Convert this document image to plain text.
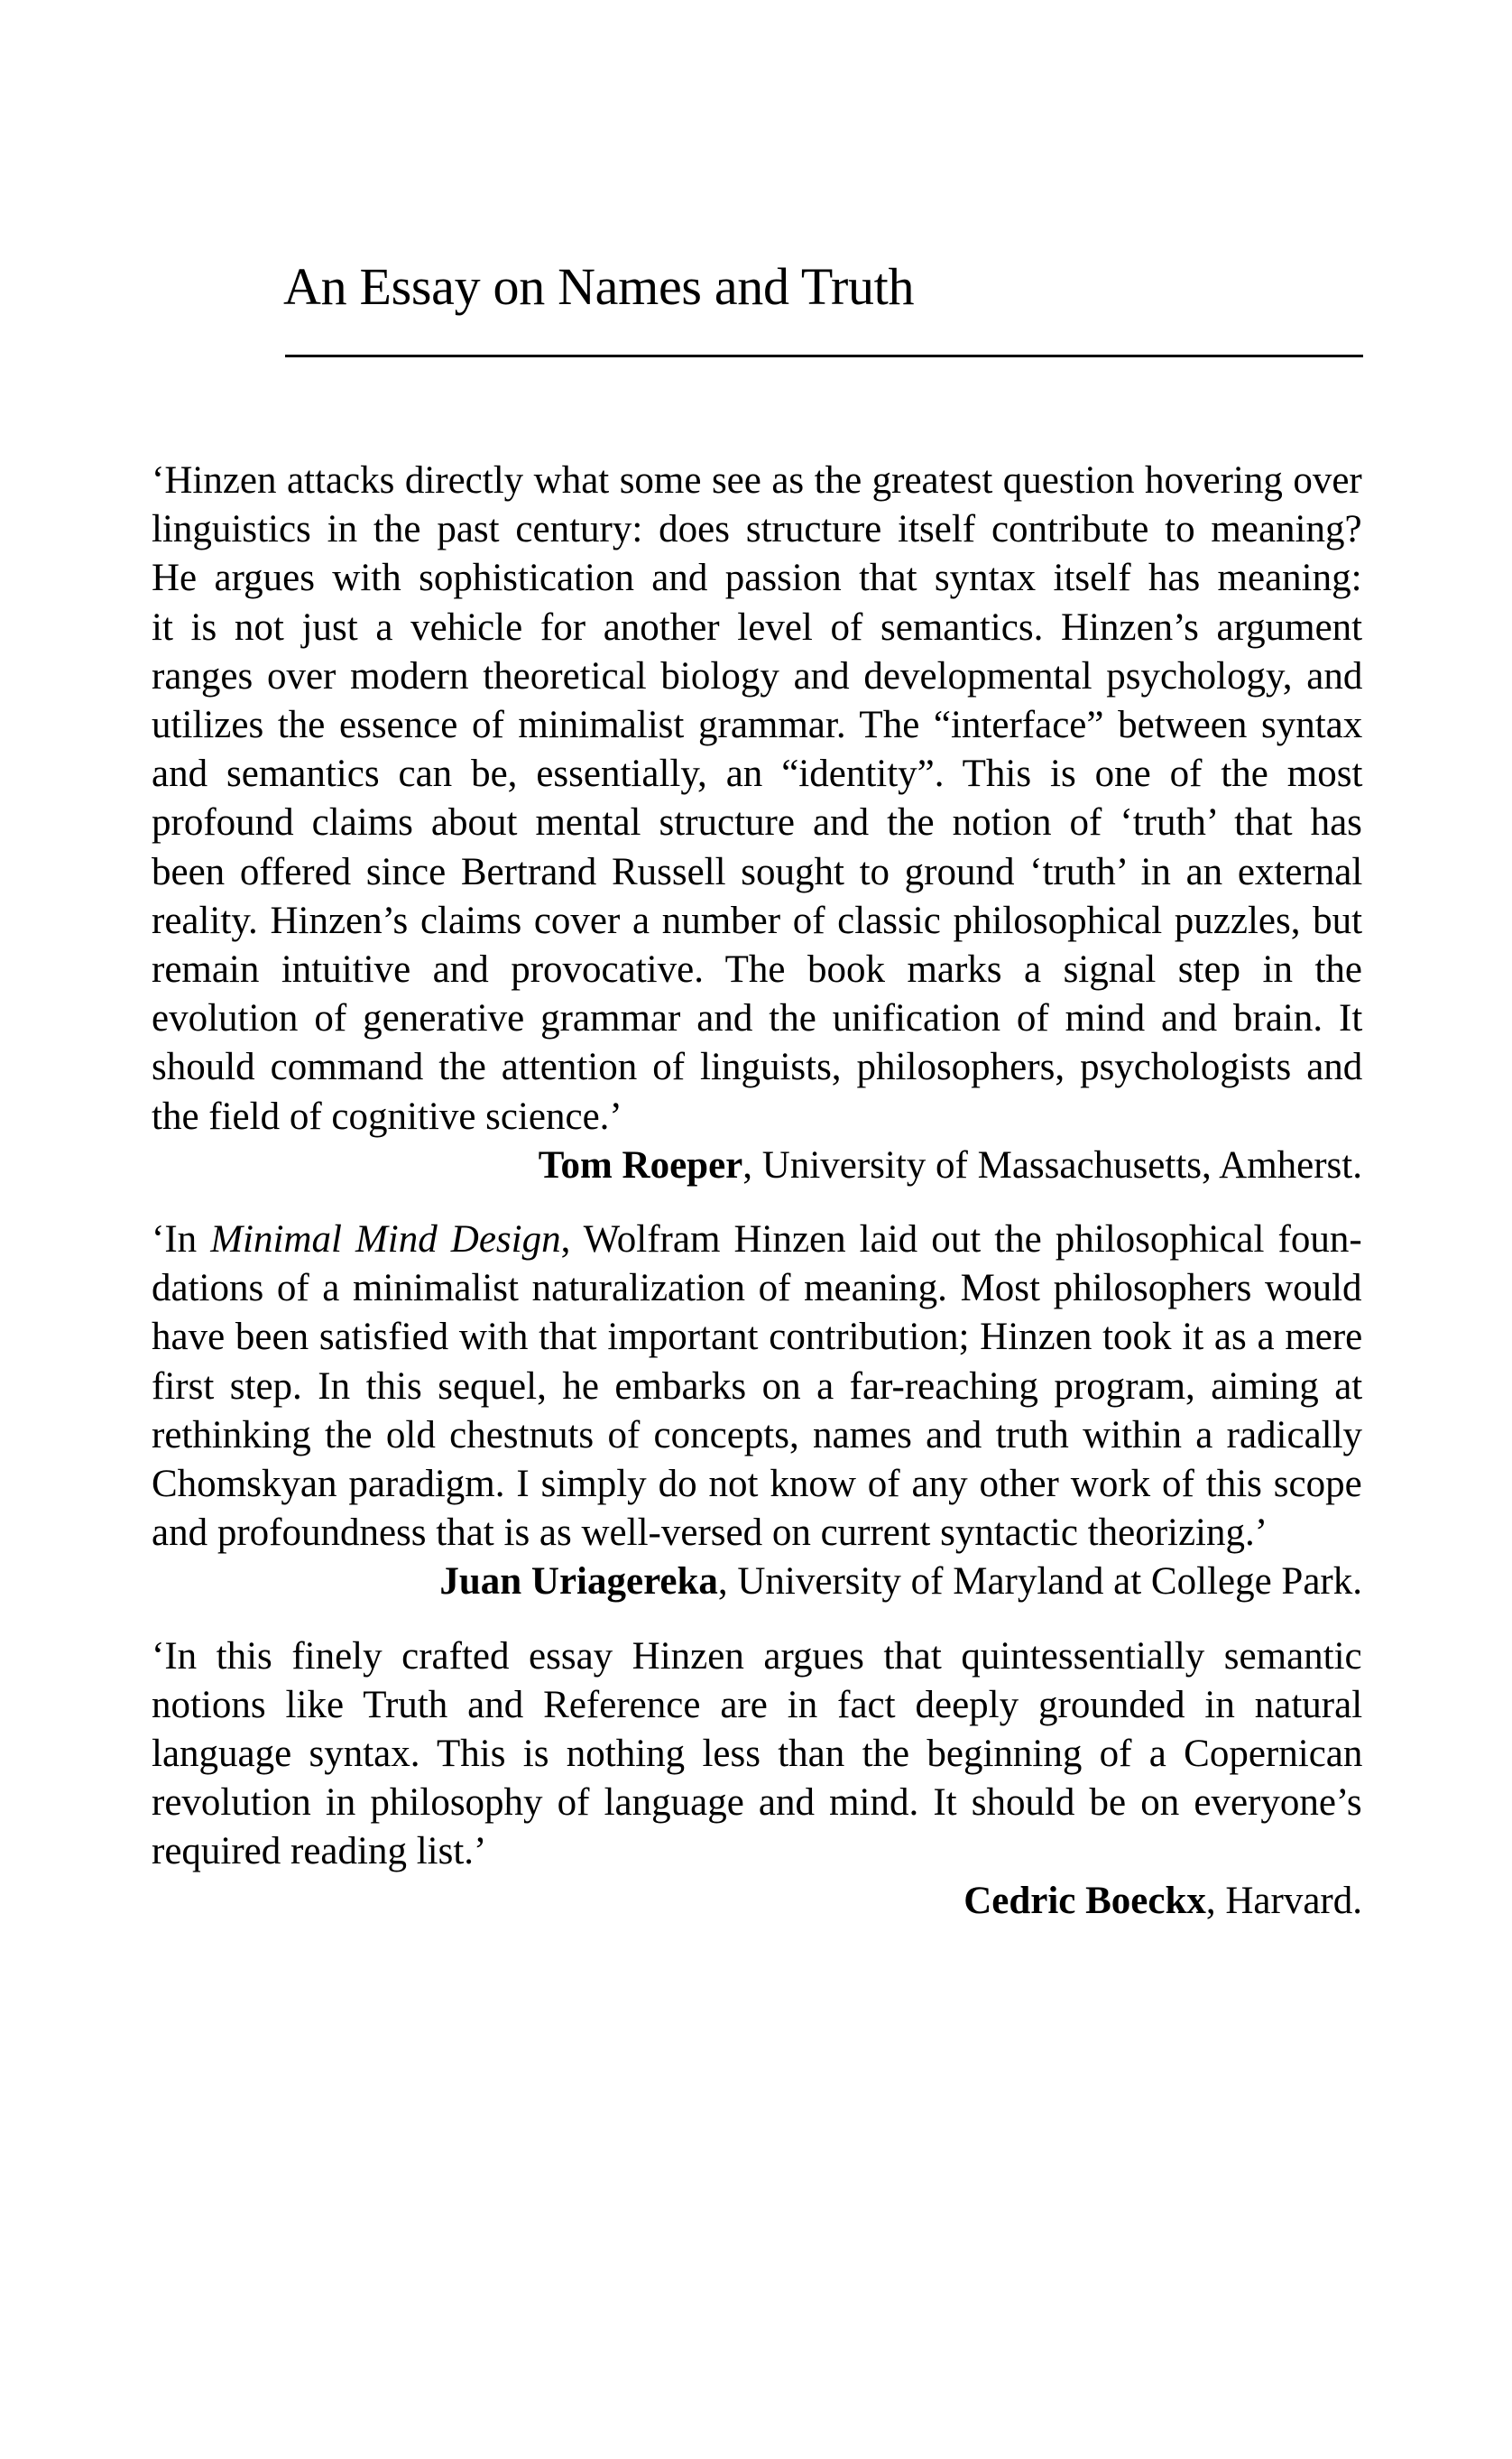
An Essay on Names and Truth

‘Hinzen attacks directly what some see as the greatest question hovering over
linguistics in the past century: does structure itself contribute to meaning?
He argues with sophistication and passion that syntax itself has meaning:
it is not just a vehicle for another level of semantics. Hinzen’s argument
ranges over modern theoretical biology and developmental psychology, and
utilizes the essence of minimalist grammar. The “interface” between syntax
and semantics can be, essentially, an “identity”. This is one of the most
profound claims about mental structure and the notion of ‘truth’ that has
been offered since Bertrand Russell sought to ground ‘truth’ in an external
reality. Hinzen’s claims cover a number of classic philosophical puzzles, but
remain intuitive and provocative. The book marks a signal step in the
evolution of generative grammar and the unification of mind and brain. It
should command the attention of linguists, philosophers, psychologists and
the field of cognitive science.’

Tom Roeper, University of Massachusetts, Amherst.

‘In Minimal Mind Design, Wolfram Hinzen laid out the philosophical foun-
dations of a minimalist naturalization of meaning. Most philosophers would
have been satisfied with that important contribution; Hinzen took it as a mere
first step. In this sequel, he embarks on a far-reaching program, aiming at
rethinking the old chestnuts of concepts, names and truth within a radically
Chomskyan paradigm. I simply do not know of any other work of this scope
and profoundness that is as well-versed on current syntactic theorizing.’

Juan Uriagereka, University of Maryland at College Park.

‘In this finely crafted essay Hinzen argues that quintessentially semantic
notions like Truth and Reference are in fact deeply grounded in natural
language syntax. This is nothing less than the beginning of a Copernican
revolution in philosophy of language and mind. It should be on everyone’s
required reading list.’

Cedric Boeckx, Harvard.
